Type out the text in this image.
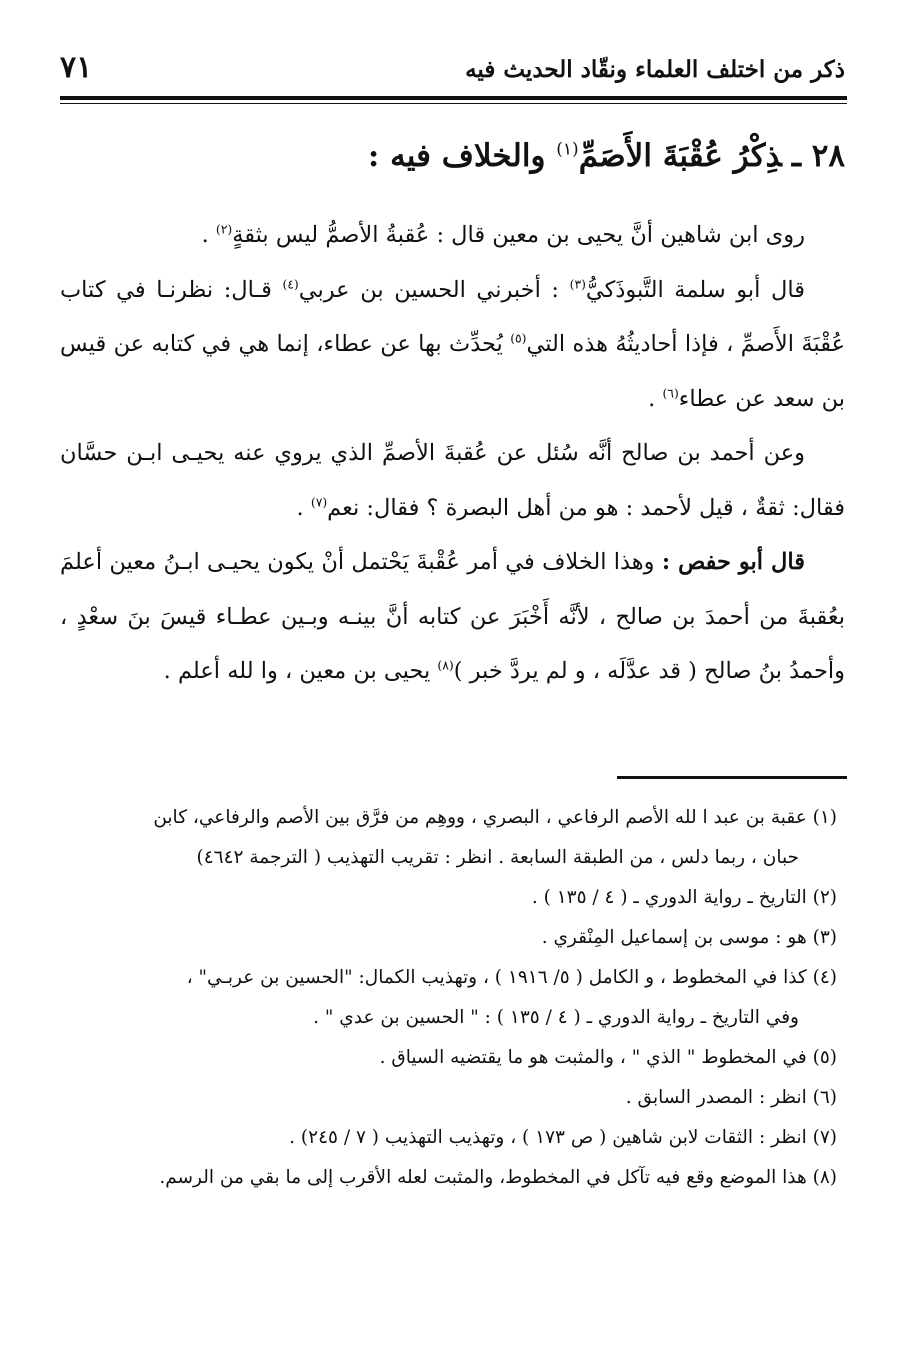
ذكر من اختلف العلماء ونقّاد الحديث فيه
٧١
٢٨ ـذِكْرُ عُقْبَةَ الأَصَمِّ$^{(١)}$ والخلاف فيه :

روى ابن شاهين أنَّ يحيى بن معين قال : عُقبةُ الأصمُّ ليس بثقةٍ$^{(٢)}$ .

قال أبو سلمة التَّبوذَكيُّ$^{(٣)}$ : أخبرني الحسين بن عربي$^{(٤)}$ قـال: نظرنـا في كتاب عُقْبَةَ الأَصمِّ ، فإذا أحاديثُهُ هذه التي$^{(٥)}$ يُحدِّث بها عن عطاء، إنما هي في كتابه عن قيس بن سعد عن عطاء$^{(٦)}$ .

وعن أحمد بن صالح أنَّه سُئل عن عُقبةَ الأصمِّ الذي يروي عنه يحيـى ابـن حسَّان فقال: ثقةٌ ، قيل لأحمد : هو من أهل البصرة ؟ فقال: نعم$^{(٧)}$ .

قال أبو حفص : وهذا الخلاف في أمر عُقْبةَ يَحْتمل أنْ يكون يحيـى ابـنُ معين أعلمَ بعُقبةَ من أحمدَ بن صالح ، لأنَّه أَخْبَرَ عن كتابه أنَّ بينـه وبـين عطـاء قيسَ بنَ سعْدٍ ، وأحمدُ بنُ صالح ( قد عدَّلَه ، و لم يردَّ خبر )$^{(٨)}$ يحيى بن معين ، وا لله أعلم .

(١) عقبة بن عبد ا لله الأصم الرفاعي ، البصري ، ووهِم من فرَّق بين الأصم والرفاعي، كابن
حبان ، ربما دلس ، من الطبقة السابعة . انظر : تقريب التهذيب ( الترجمة ٤٦٤٢)

(٢) التاريخ ـ رواية الدوري ـ ( ٤ / ١٣٥ ) .

(٣) هو : موسى بن إسماعيل المِنْقري .

(٤) كذا في المخطوط ، و الكامل ( ٥/ ١٩١٦ ) ، وتهذيب الكمال: "الحسين بن عربـي" ،
وفي التاريخ ـ رواية الدوري ـ ( ٤ / ١٣٥ ) : " الحسين بن عدي " .

(٥) في المخطوط " الذي " ، والمثبت هو ما يقتضيه السياق .

(٦) انظر : المصدر السابق .

(٧) انظر : الثقات لابن شاهين ( ص ١٧٣ ) ، وتهذيب التهذيب ( ٧ / ٢٤٥) .

(٨) هذا الموضع وقع فيه تآكل في المخطوط، والمثبت لعله الأقرب إلى ما بقي من الرسم.
